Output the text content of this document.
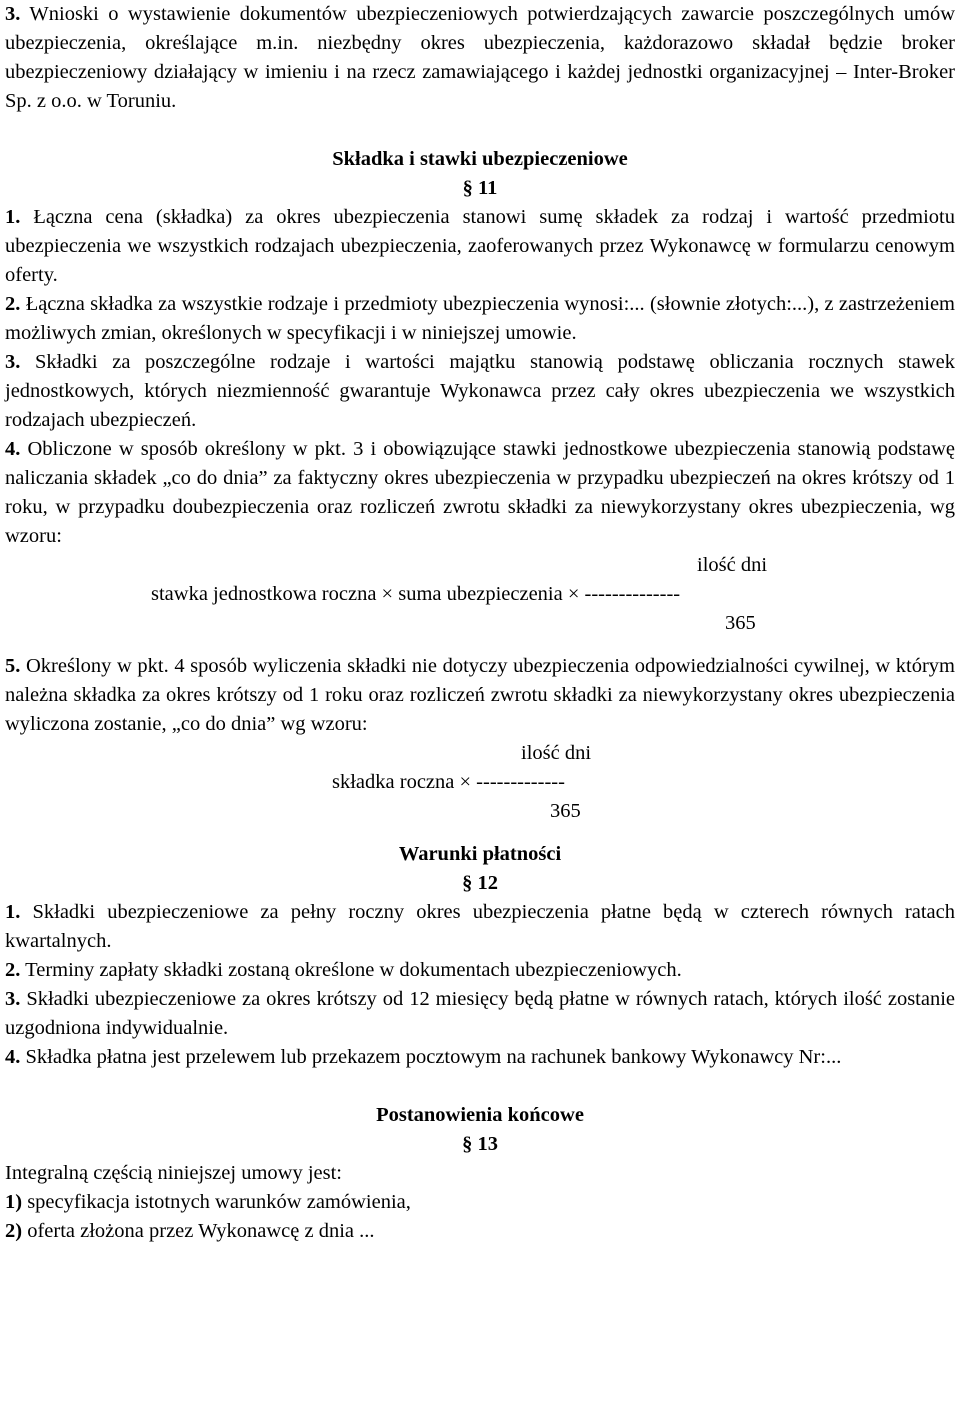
3. Wnioski o wystawienie dokumentów ubezpieczeniowych potwierdzających zawarcie poszczególnych umów ubezpieczenia, określające m.in. niezbędny okres ubezpieczenia, każdorazowo składał będzie broker ubezpieczeniowy działający w imieniu i na rzecz zamawiającego i każdej jednostki organizacyjnej – Inter-Broker Sp. z o.o. w Toruniu.

Składka i stawki ubezpieczeniowe

§ 11

1. Łączna cena (składka) za okres ubezpieczenia stanowi sumę składek za rodzaj i wartość przedmiotu ubezpieczenia we wszystkich rodzajach ubezpieczenia, zaoferowanych przez Wykonawcę w formularzu cenowym oferty.

2. Łączna składka za wszystkie rodzaje i przedmioty ubezpieczenia wynosi:... (słownie złotych:...), z zastrzeżeniem możliwych zmian, określonych w specyfikacji i w niniejszej umowie.

3. Składki za poszczególne rodzaje i wartości majątku stanowią podstawę obliczania rocznych stawek jednostkowych, których niezmienność gwarantuje Wykonawca przez cały okres ubezpieczenia we wszystkich rodzajach ubezpieczeń.

4. Obliczone w sposób określony w pkt. 3 i obowiązujące stawki jednostkowe ubezpieczenia stanowią podstawę naliczania składek „co do dnia” za faktyczny okres ubezpieczenia w przypadku ubezpieczeń na okres krótszy od 1 roku, w przypadku doubezpieczenia oraz rozliczeń zwrotu składki za niewykorzystany okres ubezpieczenia, wg wzoru:

ilość dni
stawka jednostkowa roczna × suma ubezpieczenia × --------------
365

5. Określony w pkt. 4 sposób wyliczenia składki nie dotyczy ubezpieczenia odpowiedzialności cywilnej, w którym należna składka za okres krótszy od 1 roku oraz rozliczeń zwrotu składki za niewykorzystany okres ubezpieczenia wyliczona zostanie, „co do dnia” wg wzoru:

ilość dni
składka roczna × -------------
365

Warunki płatności

§ 12

1. Składki ubezpieczeniowe za pełny roczny okres ubezpieczenia płatne będą w czterech równych ratach kwartalnych.

2. Terminy zapłaty składki zostaną określone w dokumentach ubezpieczeniowych.

3. Składki ubezpieczeniowe za okres krótszy od 12 miesięcy będą płatne w równych ratach, których ilość zostanie uzgodniona indywidualnie.

4. Składka płatna jest przelewem lub przekazem pocztowym na rachunek bankowy Wykonawcy Nr:...

Postanowienia końcowe

§ 13

Integralną częścią niniejszej umowy jest:

1) specyfikacja istotnych warunków zamówienia,

2) oferta złożona przez Wykonawcę z dnia ...
